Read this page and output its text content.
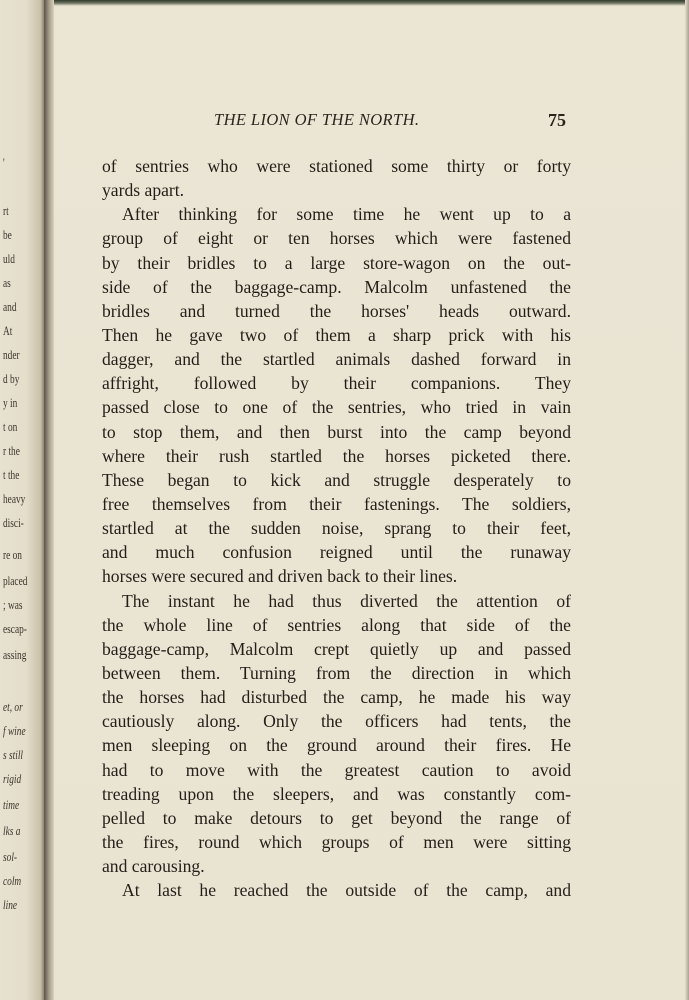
'
rt
be
uld
as
and
At
nder
d by
y in
t on
r the
t the
heavy
disci-
re on
placed
; was
escap-
assing
et, or
f wine
s still
rigid
time
lks a
sol-
colm
line
THE LION OF THE NORTH.	75
of sentries who were stationed some thirty or forty
yards apart.
After thinking for some time he went up to a
group of eight or ten horses which were fastened
by their bridles to a large store-wagon on the out-
side of the baggage-camp. Malcolm unfastened the
bridles and turned the horses' heads outward.
Then he gave two of them a sharp prick with his
dagger, and the startled animals dashed forward in
affright, followed by their companions. They
passed close to one of the sentries, who tried in vain
to stop them, and then burst into the camp beyond
where their rush startled the horses picketed there.
These began to kick and struggle desperately to
free themselves from their fastenings. The soldiers,
startled at the sudden noise, sprang to their feet,
and much confusion reigned until the runaway
horses were secured and driven back to their lines.
The instant he had thus diverted the attention of
the whole line of sentries along that side of the
baggage-camp, Malcolm crept quietly up and passed
between them. Turning from the direction in which
the horses had disturbed the camp, he made his way
cautiously along. Only the officers had tents, the
men sleeping on the ground around their fires. He
had to move with the greatest caution to avoid
treading upon the sleepers, and was constantly com-
pelled to make detours to get beyond the range of
the fires, round which groups of men were sitting
and carousing.
At last he reached the outside of the camp, and
